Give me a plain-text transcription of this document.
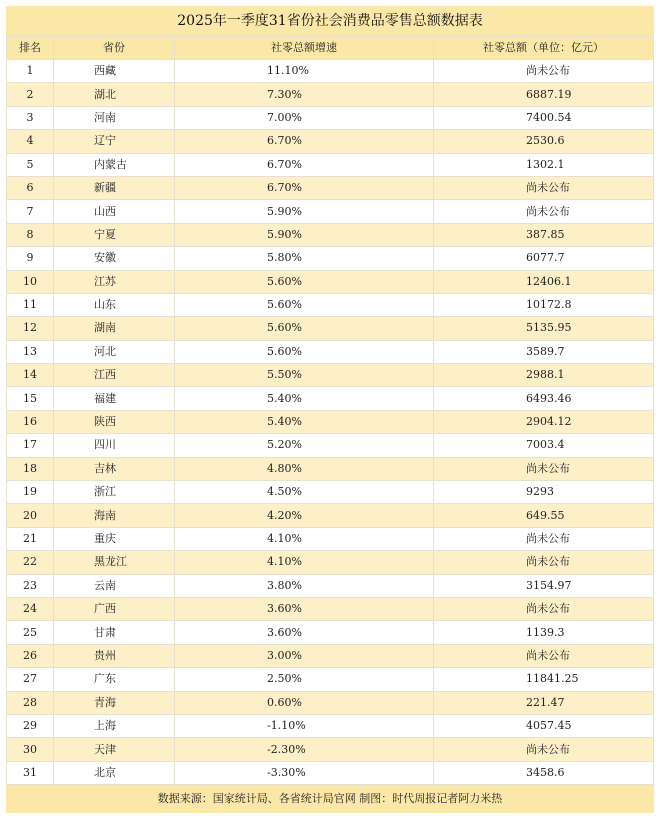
2025年一季度31省份社会消费品零售总额数据表
排名	省份	社零总额增速	社零总额（单位：亿元）
1	西藏	11.10%	尚未公布
2	湖北	7.30%	6887.19
3	河南	7.00%	7400.54
4	辽宁	6.70%	2530.6
5	内蒙古	6.70%	1302.1
6	新疆	6.70%	尚未公布
7	山西	5.90%	尚未公布
8	宁夏	5.90%	387.85
9	安徽	5.80%	6077.7
10	江苏	5.60%	12406.1
11	山东	5.60%	10172.8
12	湖南	5.60%	5135.95
13	河北	5.60%	3589.7
14	江西	5.50%	2988.1
15	福建	5.40%	6493.46
16	陕西	5.40%	2904.12
17	四川	5.20%	7003.4
18	吉林	4.80%	尚未公布
19	浙江	4.50%	9293
20	海南	4.20%	649.55
21	重庆	4.10%	尚未公布
22	黑龙江	4.10%	尚未公布
23	云南	3.80%	3154.97
24	广西	3.60%	尚未公布
25	甘肃	3.60%	1139.3
26	贵州	3.00%	尚未公布
27	广东	2.50%	11841.25
28	青海	0.60%	221.47
29	上海	-1.10%	4057.45
30	天津	-2.30%	尚未公布
31	北京	-3.30%	3458.6
数据来源：国家统计局、各省统计局官网 制图：时代周报记者阿力米热
